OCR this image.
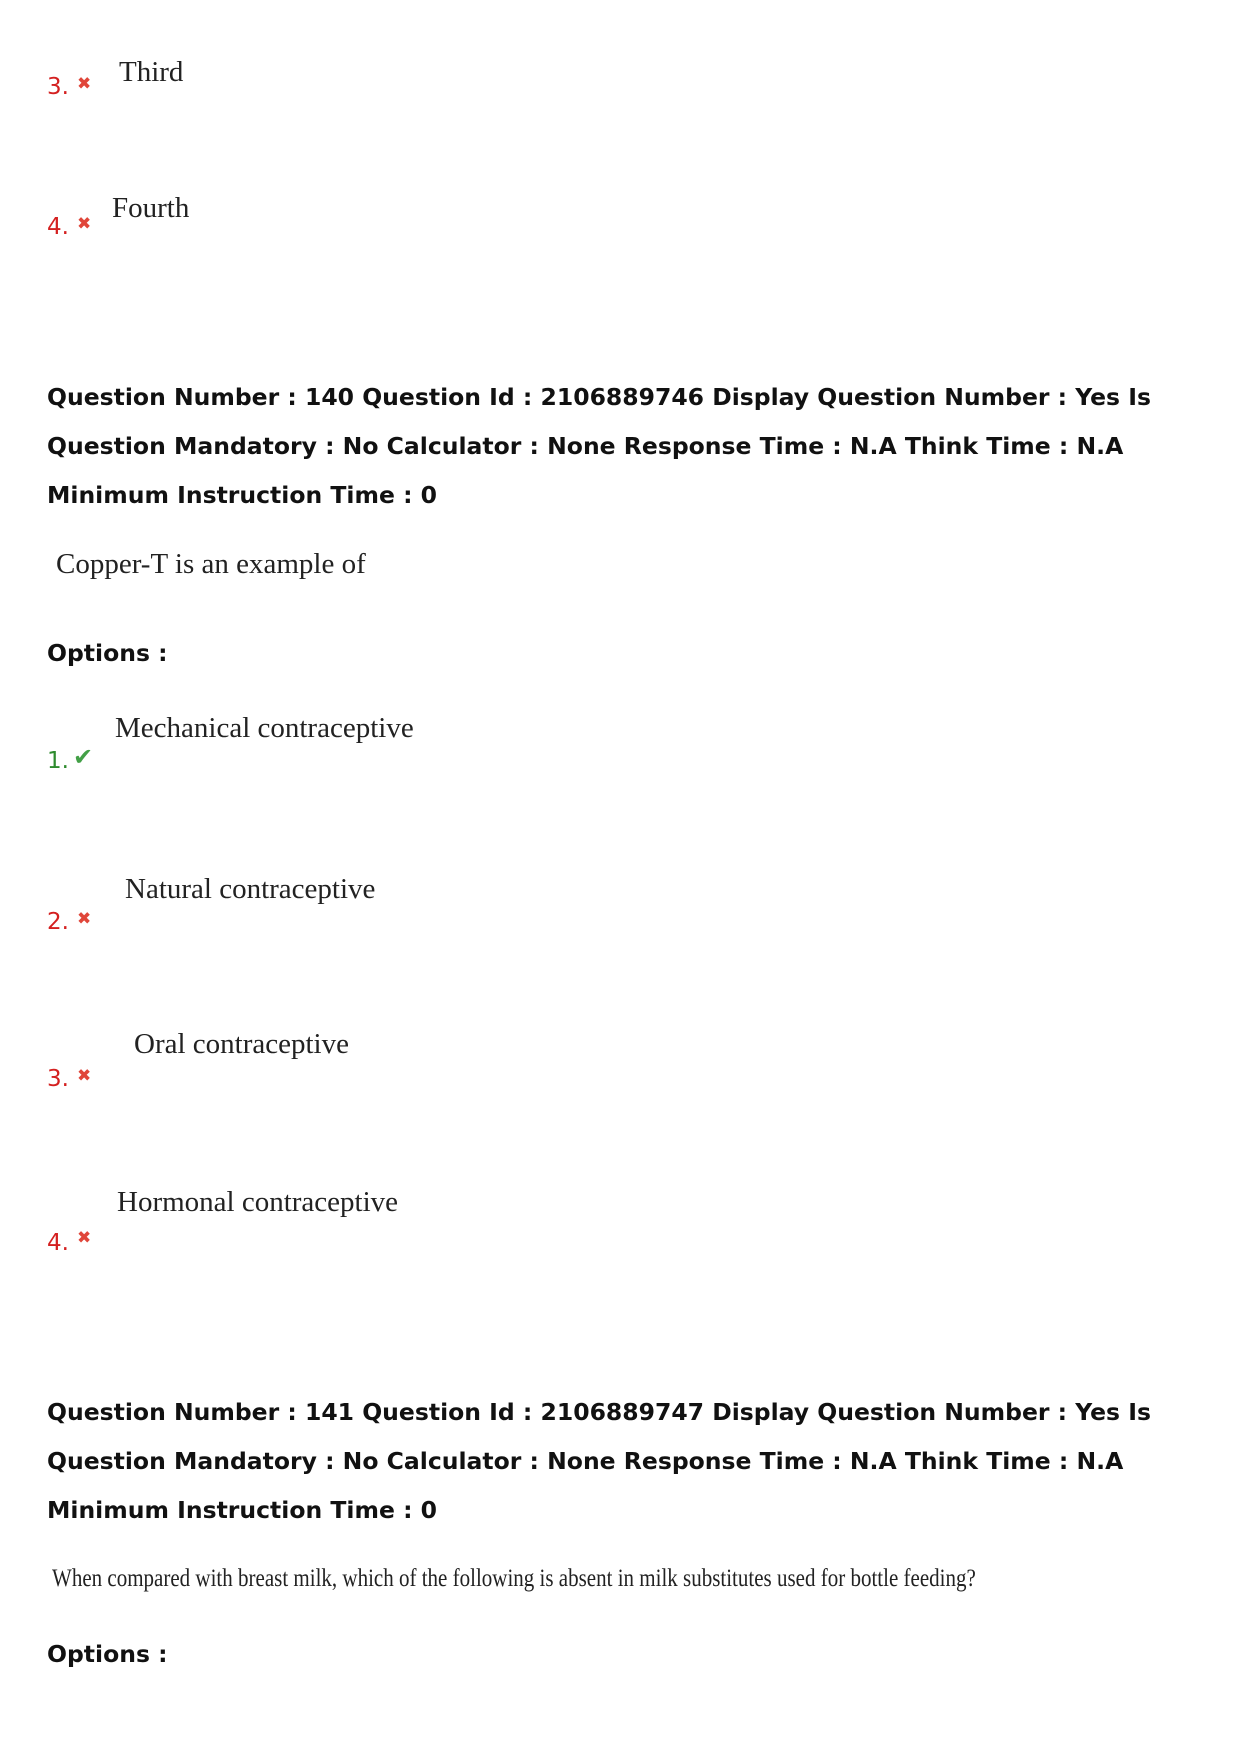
3. ✖ Third
4. ✖ Fourth
Question Number : 140 Question Id : 2106889746 Display Question Number : Yes Is Question Mandatory : No Calculator : None Response Time : N.A Think Time : N.A Minimum Instruction Time : 0
Copper-T is an example of
Options :
1. ✔
Mechanical contraceptive
2. ✖
Natural contraceptive
3. ✖
Oral contraceptive
4. ✖
Hormonal contraceptive
Question Number : 141 Question Id : 2106889747 Display Question Number : Yes Is Question Mandatory : No Calculator : None Response Time : N.A Think Time : N.A Minimum Instruction Time : 0
When compared with breast milk, which of the following is absent in milk substitutes used for bottle feeding?
Options :
